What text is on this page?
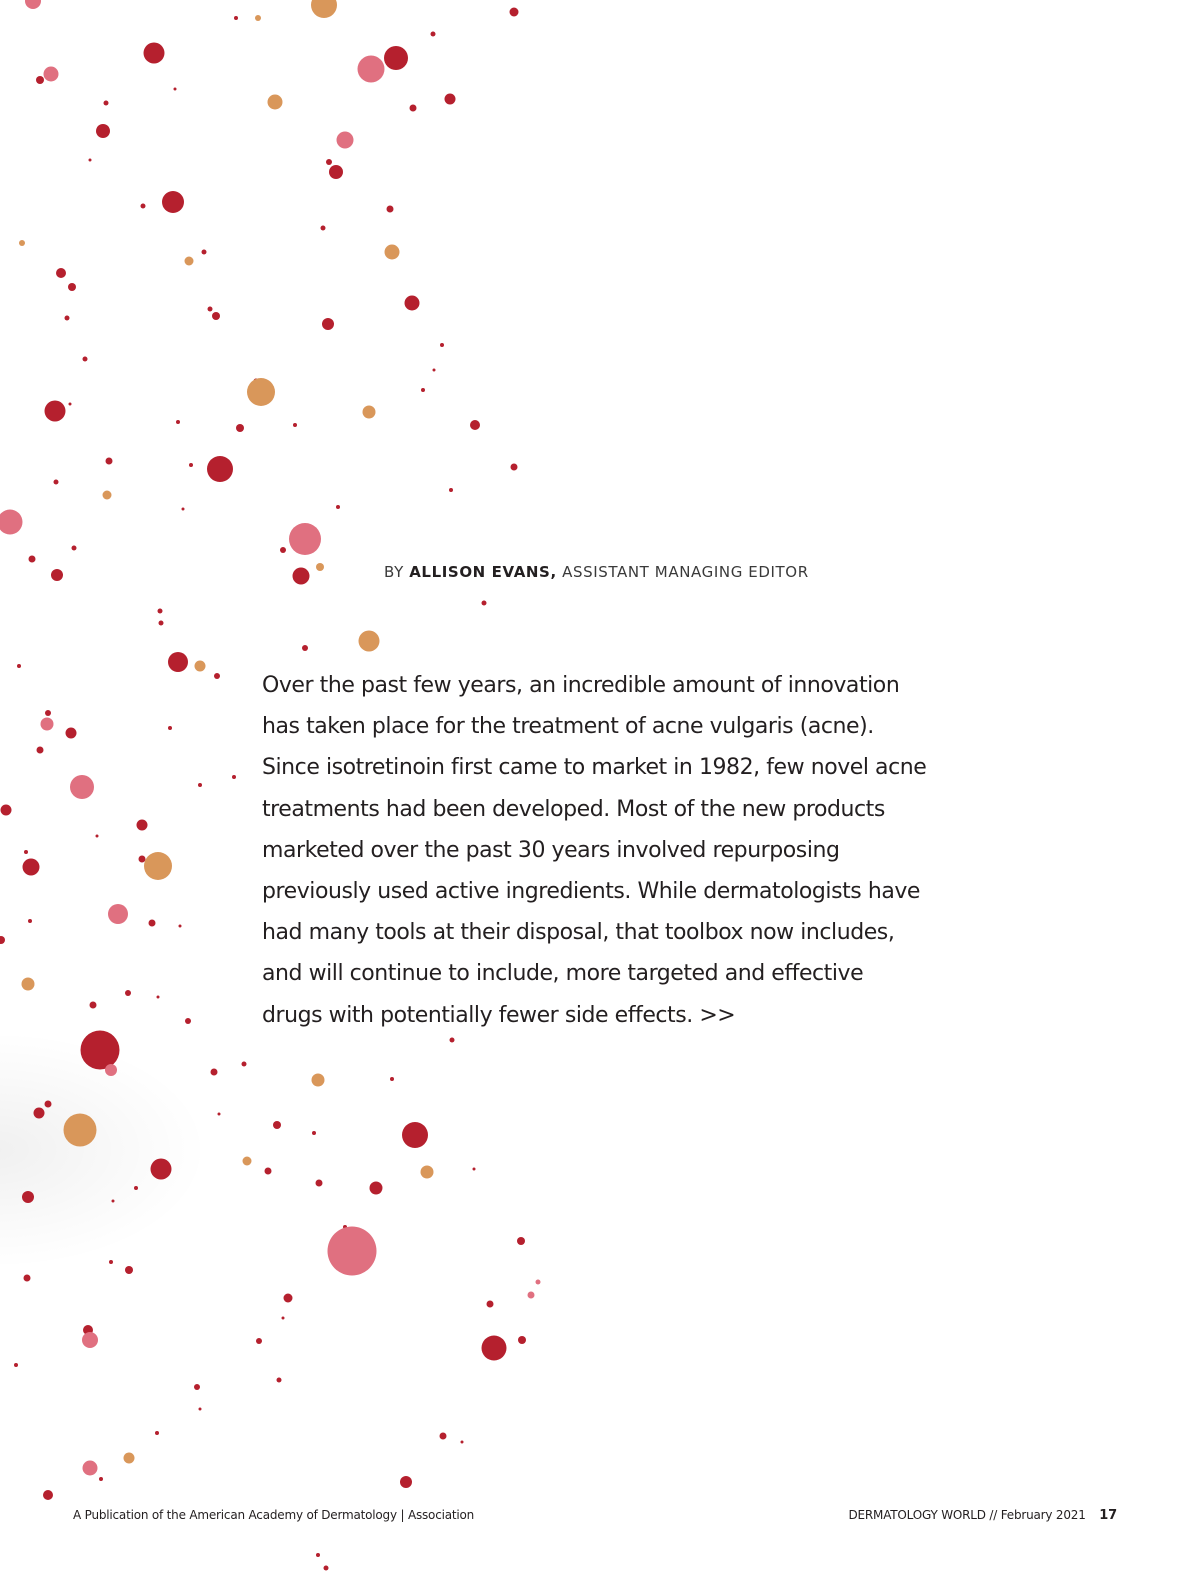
BY ALLISON EVANS, ASSISTANT MANAGING EDITOR
Over the past few years, an incredible amount of innovation
has taken place for the treatment of acne vulgaris (acne).
Since isotretinoin first came to market in 1982, few novel acne
treatments had been developed. Most of the new products
marketed over the past 30 years involved repurposing
previously used active ingredients. While dermatologists have
had many tools at their disposal, that toolbox now includes,
and will continue to include, more targeted and effective
drugs with potentially fewer side effects. >>
A Publication of the American Academy of Dermatology | Association	DERMATOLOGY WORLD // February 2021 17
